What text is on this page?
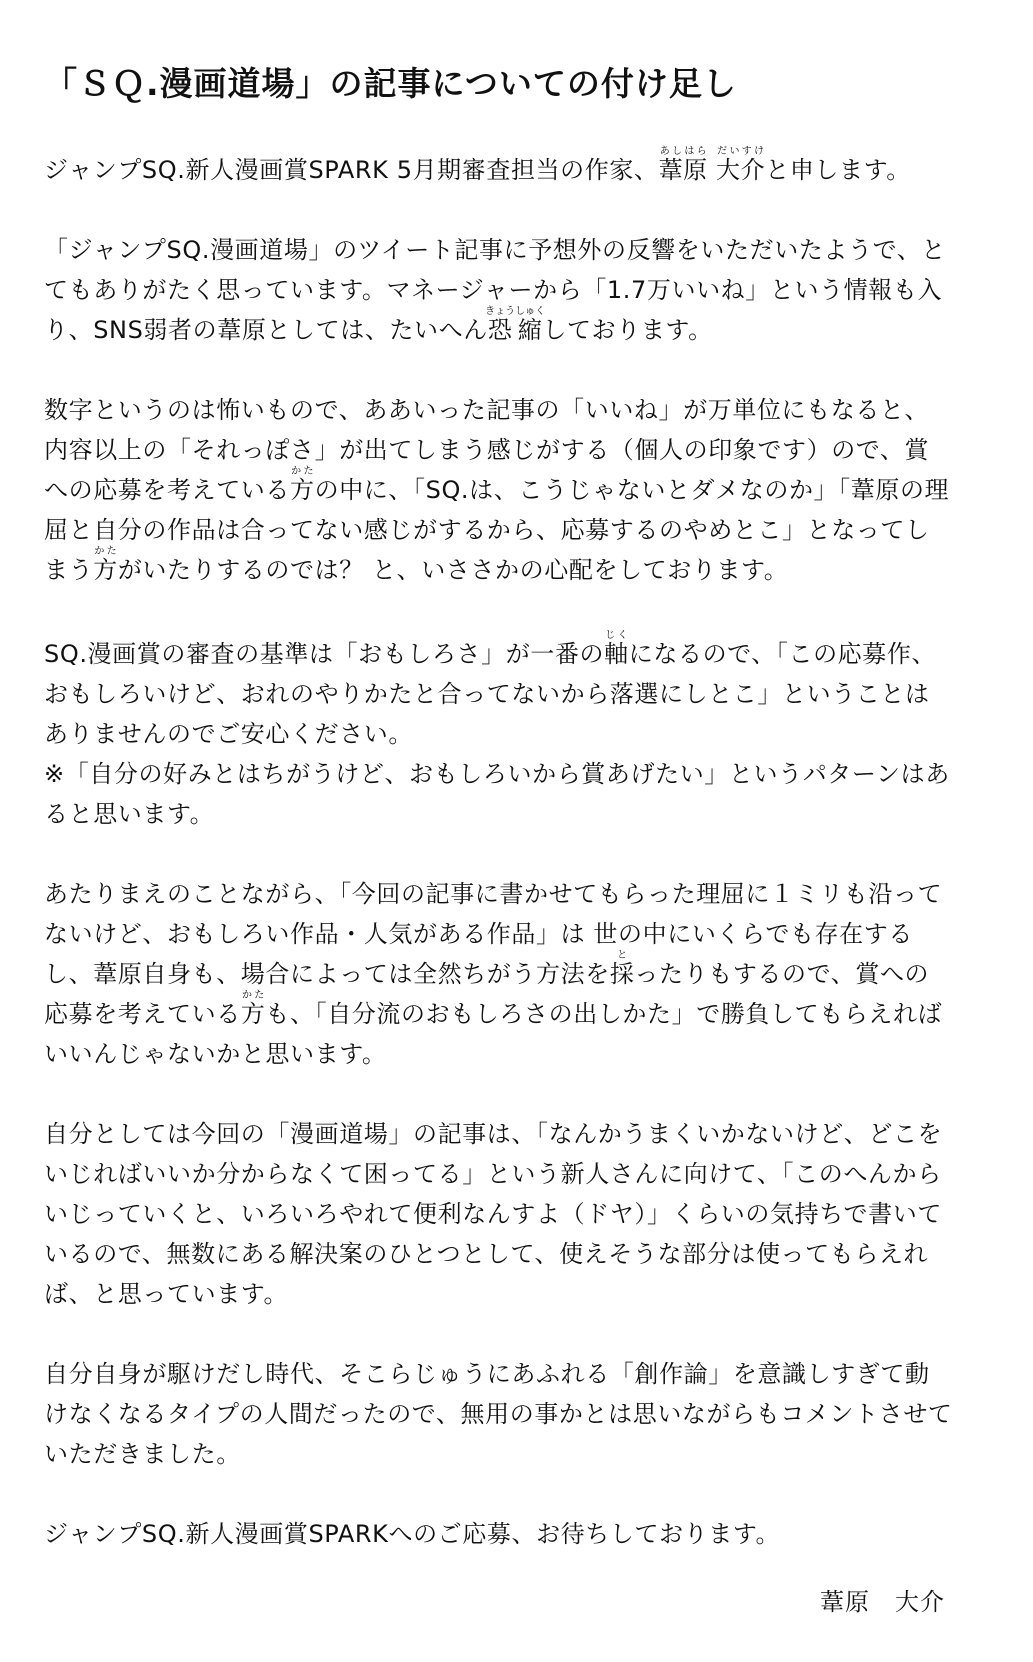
「ＳＱ.漫画道場」の記事についての付け足し

ジャンプSQ.新人漫画賞SPARK 5月期審査担当の作家、葦原あしはら 大介だいすけと申します。

「ジャンプSQ.漫画道場」のツイート記事に予想外の反響をいただいたようで、とてもありがたく思っています。マネージャーから「1.7万いいね」という情報も入り、SNS弱者の葦原としては、たいへん恐縮きょうしゅくしております。

数字というのは怖いもので、ああいった記事の「いいね」が万単位にもなると、内容以上の「それっぽさ」が出てしまう感じがする（個人の印象です）ので、賞への応募を考えている方かたの中に、「SQ.は、こうじゃないとダメなのか」「葦原の理屈と自分の作品は合ってない感じがするから、応募するのやめとこ」となってしまう方かたがいたりするのでは？ と、いささかの心配をしております。

SQ.漫画賞の審査の基準は「おもしろさ」が一番の軸じくになるので、「この応募作、おもしろいけど、おれのやりかたと合ってないから落選にしとこ」ということはありませんのでご安心ください。

※「自分の好みとはちがうけど、おもしろいから賞あげたい」というパターンはあると思います。

あたりまえのことながら、「今回の記事に書かせてもらった理屈に１ミリも沿ってないけど、おもしろい作品・人気がある作品」は 世の中にいくらでも存在するし、葦原自身も、場合によっては全然ちがう方法を採とったりもするので、賞への応募を考えている方かたも、「自分流のおもしろさの出しかた」で勝負してもらえればいいんじゃないかと思います。

自分としては今回の「漫画道場」の記事は、「なんかうまくいかないけど、どこをいじればいいか分からなくて困ってる」という新人さんに向けて、「このへんからいじっていくと、いろいろやれて便利なんすよ（ドヤ）」くらいの気持ちで書いているので、無数にある解決案のひとつとして、使えそうな部分は使ってもらえれば、と思っています。

自分自身が駆けだし時代、そこらじゅうにあふれる「創作論」を意識しすぎて動けなくなるタイプの人間だったので、無用の事かとは思いながらもコメントさせていただきました。

ジャンプSQ.新人漫画賞SPARKへのご応募、お待ちしております。

葦原　大介
